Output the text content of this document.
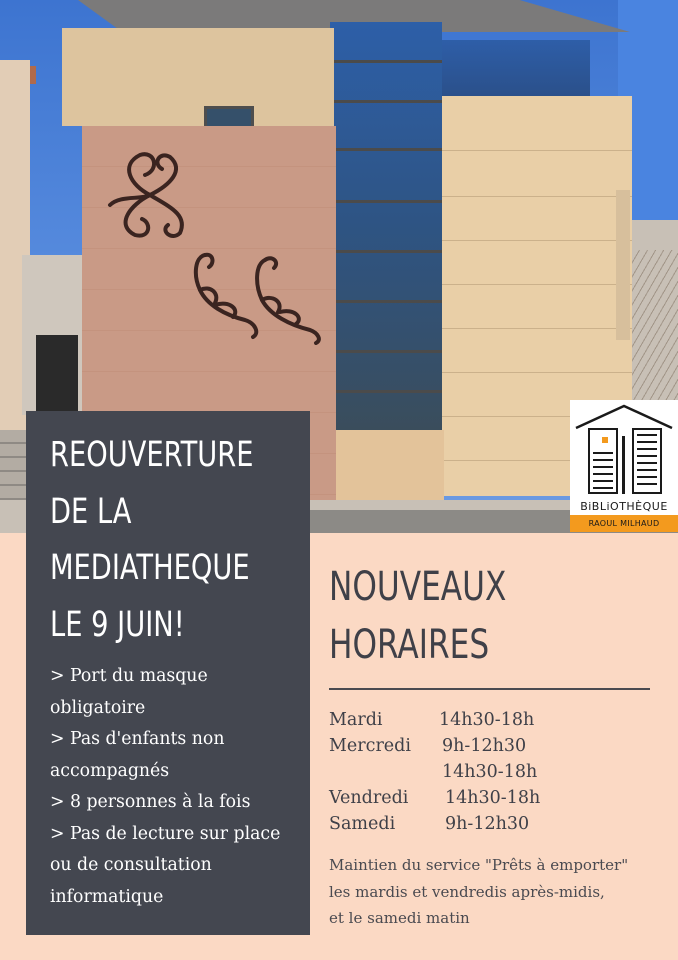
BiBLiOTHÈQUE
RAOUL MILHAUD
REOUVERTURE
DE LA
MEDIATHEQUE
LE 9 JUIN!
> Port du masque
obligatoire
> Pas d'enfants non
accompagnés
> 8 personnes à la fois
> Pas de lecture sur place
ou de consultation
informatique
NOUVEAUX
HORAIRES
Mardi	14h30-18h
Mercredi 9h-12h30
14h30-18h
Vendredi 14h30-18h
Samedi	9h-12h30
Maintien du service "Prêts à emporter"
les mardis et vendredis après-midis,
et le samedi matin
